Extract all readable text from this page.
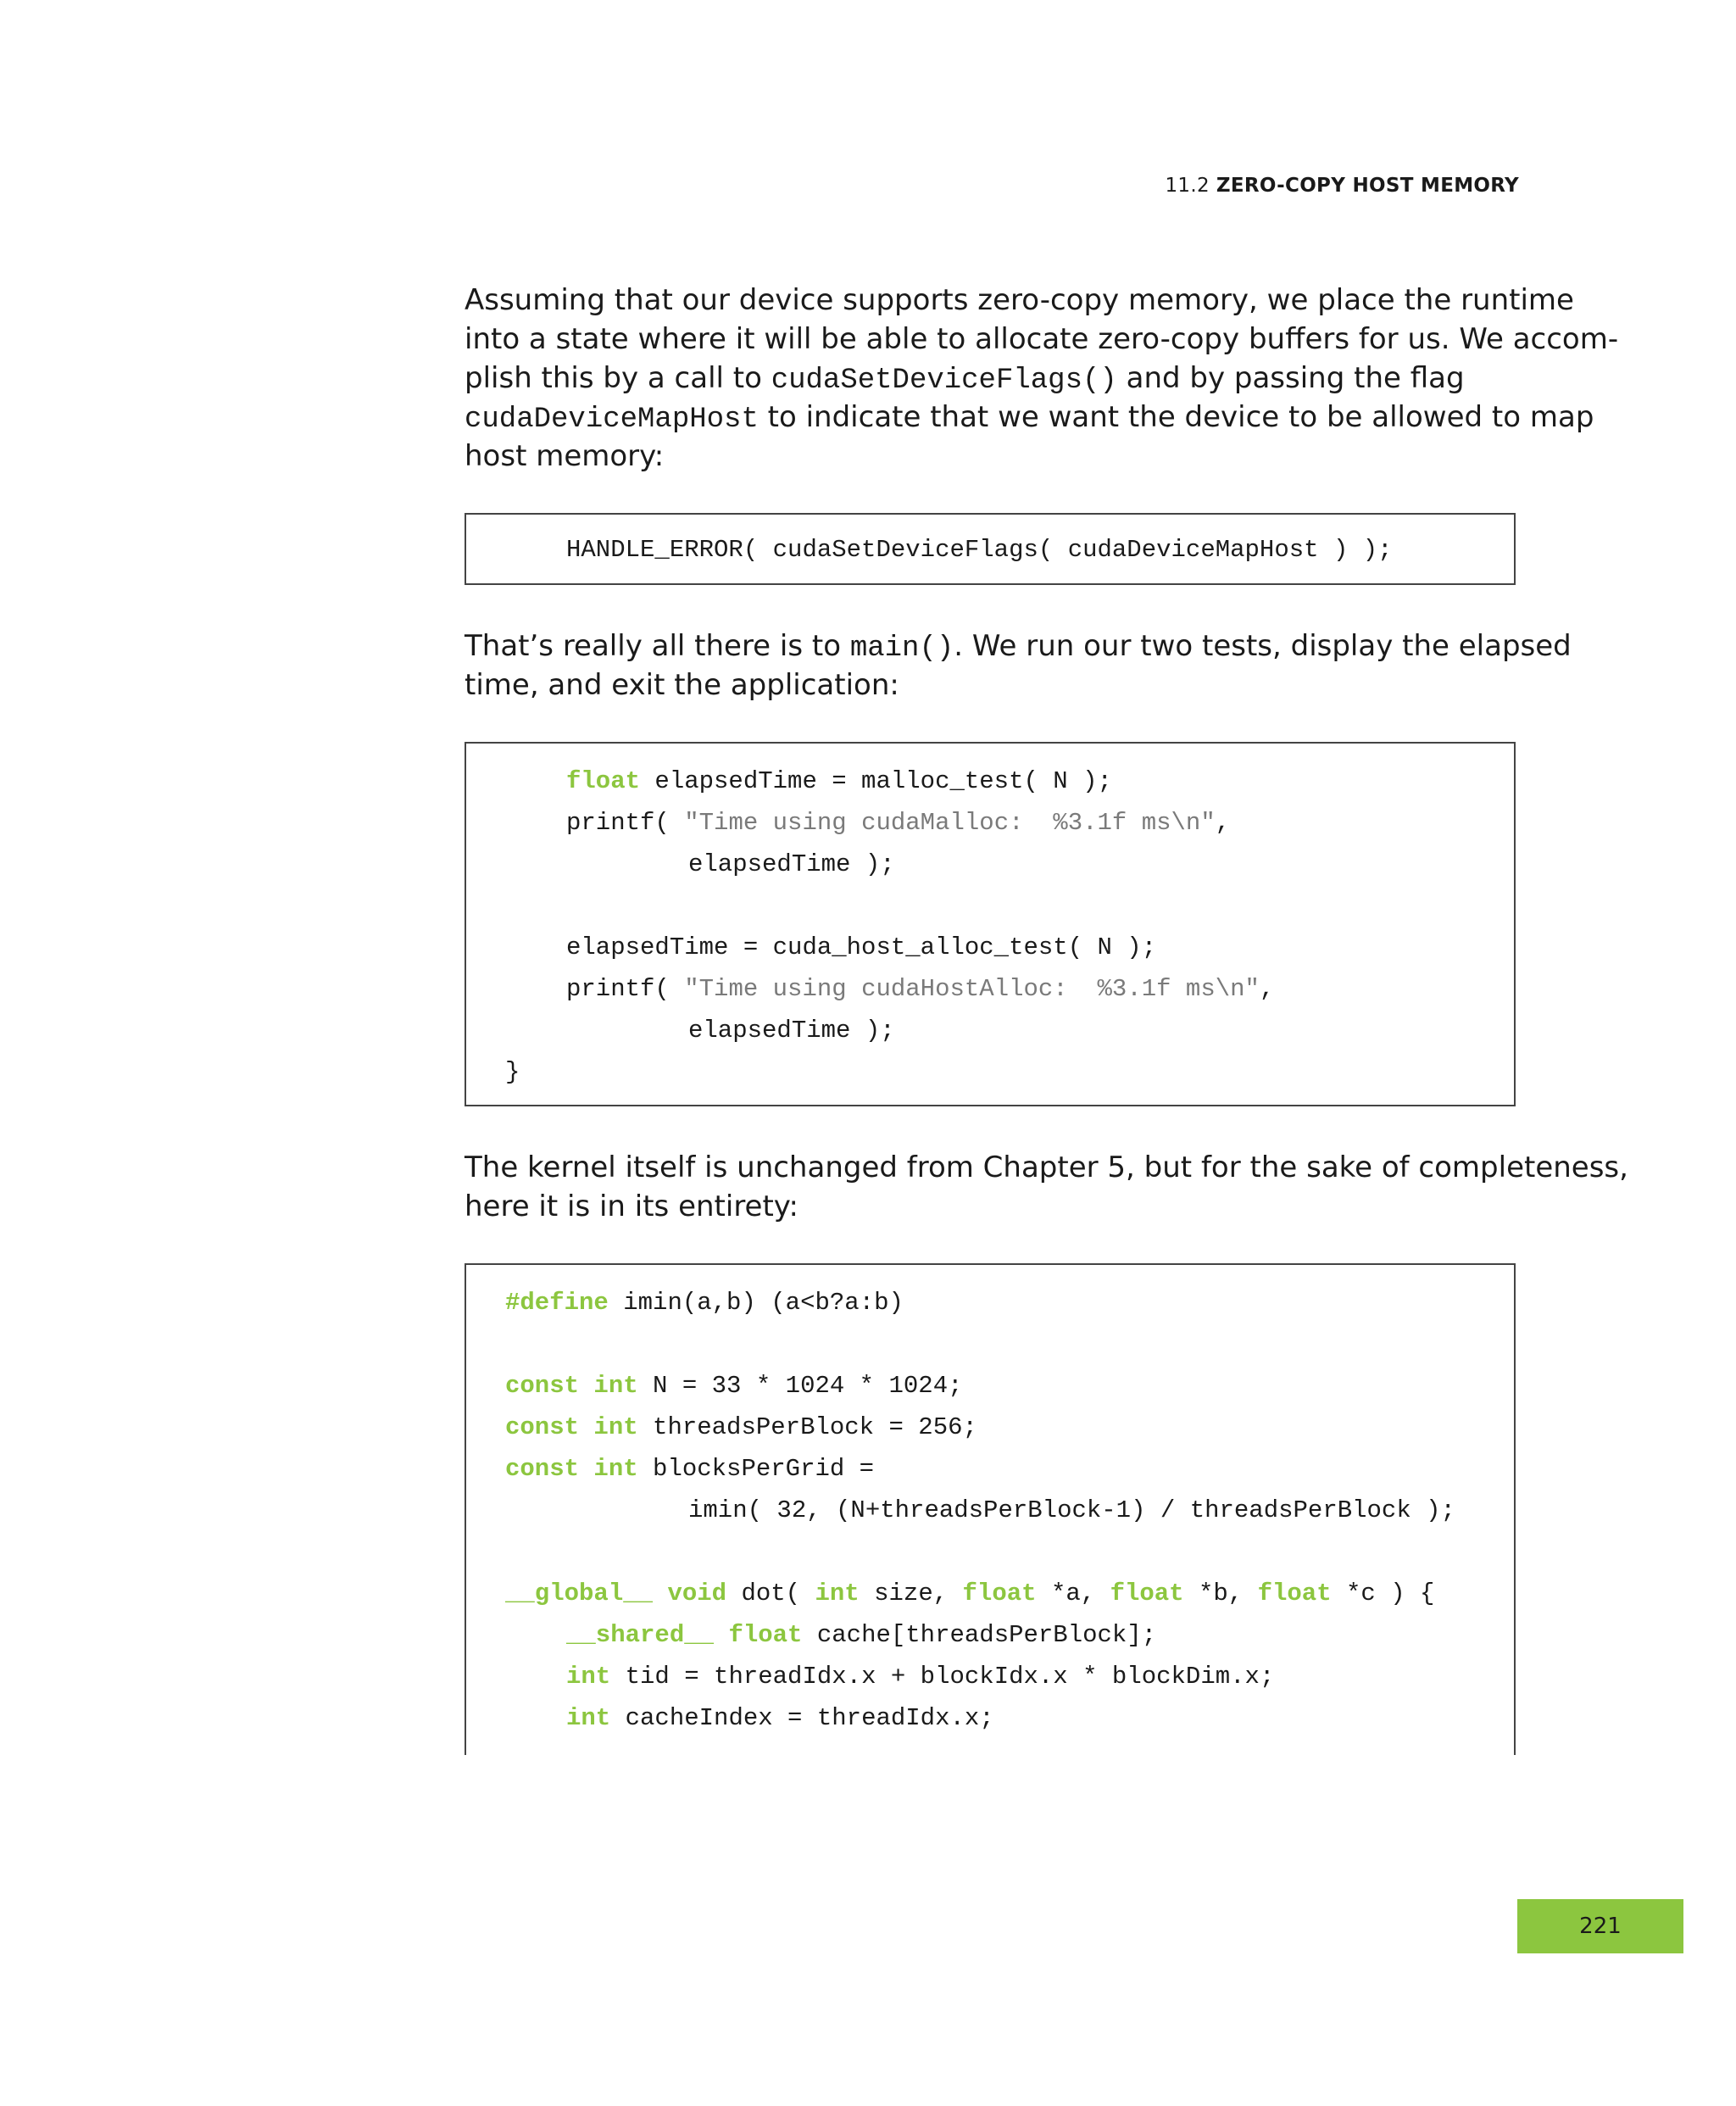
11.2 ZERO-COPY HOST MEMORY
Assuming that our device supports zero-copy memory, we place the runtime
into a state where it will be able to allocate zero-copy buffers for us. We accom-
plish this by a call to cudaSetDeviceFlags() and by passing the flag
cudaDeviceMapHost to indicate that we want the device to be allowed to map
host memory:
HANDLE_ERROR( cudaSetDeviceFlags( cudaDeviceMapHost ) );
That’s really all there is to main(). We run our two tests, display the elapsed
time, and exit the application:
float elapsedTime = malloc_test( N );
printf( "Time using cudaMalloc:  %3.1f ms\n",
elapsedTime );
elapsedTime = cuda_host_alloc_test( N );
printf( "Time using cudaHostAlloc:  %3.1f ms\n",
elapsedTime );
}
The kernel itself is unchanged from Chapter 5, but for the sake of completeness,
here it is in its entirety:
#define imin(a,b) (a<b?a:b)
const int N = 33 * 1024 * 1024;
const int threadsPerBlock = 256;
const int blocksPerGrid =
imin( 32, (N+threadsPerBlock-1) / threadsPerBlock );
__global__ void dot( int size, float *a, float *b, float *c ) {
__shared__ float cache[threadsPerBlock];
int tid = threadIdx.x + blockIdx.x * blockDim.x;
int cacheIndex = threadIdx.x;
221
